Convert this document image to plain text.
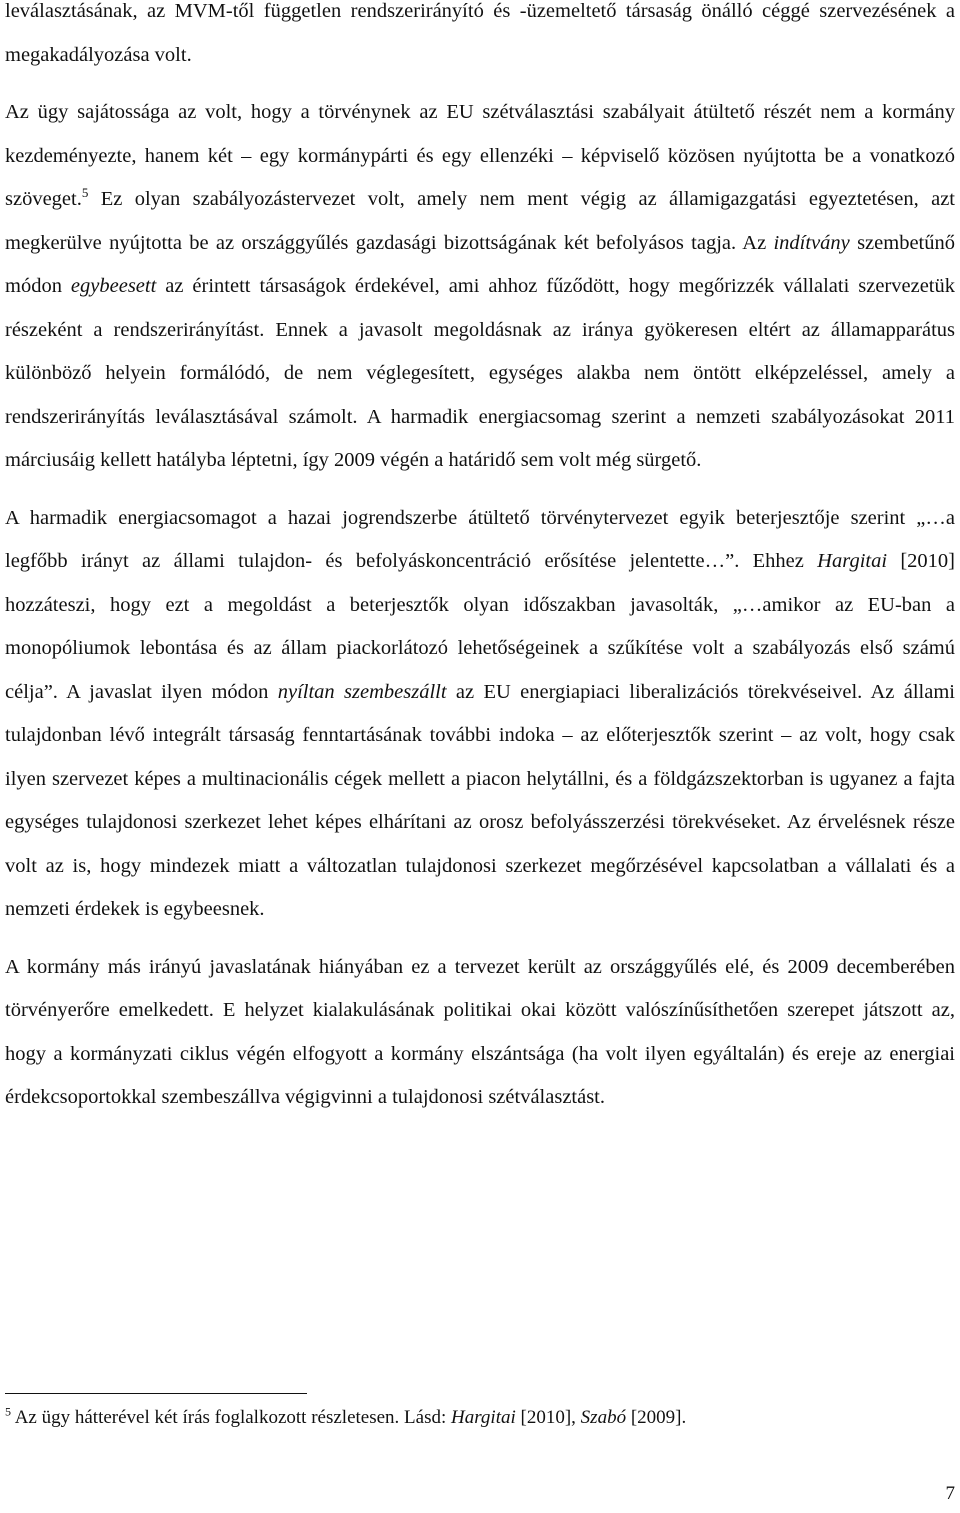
leválasztásának, az MVM-től független rendszerirányító és -üzemeltető társaság önálló céggé szervezésének a megakadályozása volt.

Az ügy sajátossága az volt, hogy a törvénynek az EU szétválasztási szabályait átültető részét nem a kormány kezdeményezte, hanem két – egy kormánypárti és egy ellenzéki – képviselő közösen nyújtotta be a vonatkozó szöveget.$^5$ Ez olyan szabályozástervezet volt, amely nem ment végig az államigazgatási egyeztetésen, azt megkerülve nyújtotta be az országgyűlés gazdasági bizottságának két befolyásos tagja. Az indítvány szembetűnő módon egybeesett az érintett társaságok érdekével, ami ahhoz fűződött, hogy megőrizzék vállalati szervezetük részeként a rendszerirányítást. Ennek a javasolt megoldásnak az iránya gyökeresen eltért az államapparátus különböző helyein formálódó, de nem véglegesített, egységes alakba nem öntött elképzeléssel, amely a rendszerirányítás leválasztásával számolt. A harmadik energiacsomag szerint a nemzeti szabályozásokat 2011 márciusáig kellett hatályba léptetni, így 2009 végén a határidő sem volt még sürgető.

A harmadik energiacsomagot a hazai jogrendszerbe átültető törvénytervezet egyik beterjesztője szerint „…a legfőbb irányt az állami tulajdon- és befolyáskoncentráció erősítése jelentette…”. Ehhez Hargitai [2010] hozzáteszi, hogy ezt a megoldást a beterjesztők olyan időszakban javasolták, „…amikor az EU-ban a monopóliumok lebontása és az állam piackorlátozó lehetőségeinek a szűkítése volt a szabályozás első számú célja”. A javaslat ilyen módon nyíltan szembeszállt az EU energiapiaci liberalizációs törekvéseivel. Az állami tulajdonban lévő integrált társaság fenntartásának további indoka – az előterjesztők szerint – az volt, hogy csak ilyen szervezet képes a multinacionális cégek mellett a piacon helytállni, és a földgázszektorban is ugyanez a fajta egységes tulajdonosi szerkezet lehet képes elhárítani az orosz befolyásszerzési törekvéseket. Az érvelésnek része volt az is, hogy mindezek miatt a változatlan tulajdonosi szerkezet megőrzésével kapcsolatban a vállalati és a nemzeti érdekek is egybeesnek.

A kormány más irányú javaslatának hiányában ez a tervezet került az országgyűlés elé, és 2009 decemberében törvényerőre emelkedett. E helyzet kialakulásának politikai okai között valószínűsíthetően szerepet játszott az, hogy a kormányzati ciklus végén elfogyott a kormány elszántsága (ha volt ilyen egyáltalán) és ereje az energiai érdekcsoportokkal szembeszállva végigvinni a tulajdonosi szétválasztást.

$^5$ Az ügy hátterével két írás foglalkozott részletesen. Lásd: Hargitai [2010], Szabó [2009].

7
